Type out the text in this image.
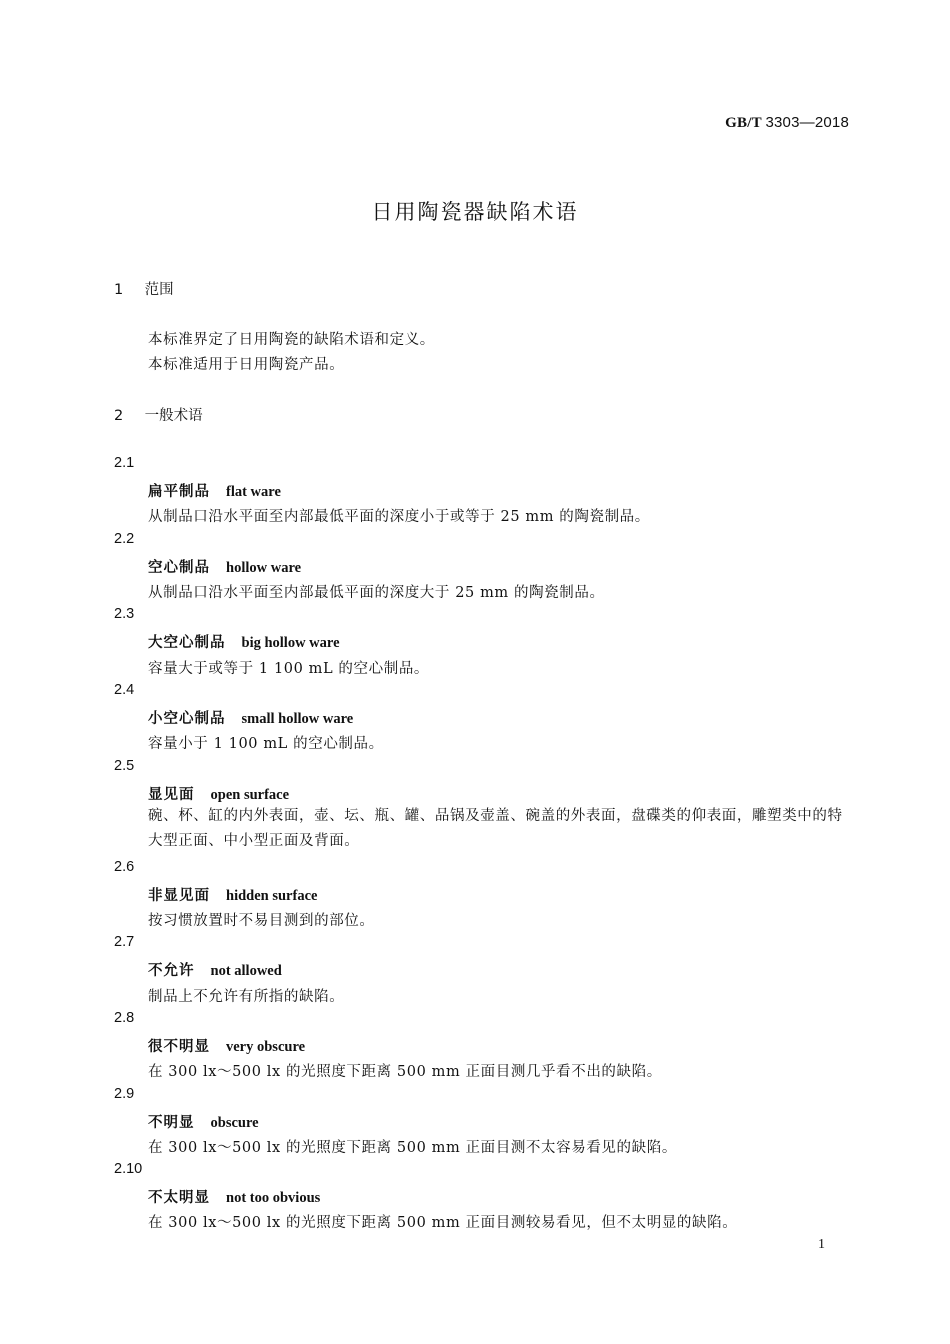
GB/T 3303—2018
日用陶瓷器缺陷术语
1 范围
本标准界定了日用陶瓷的缺陷术语和定义。
本标准适用于日用陶瓷产品。
2 一般术语
2.1
扁平制品 flat ware
从制品口沿水平面至内部最低平面的深度小于或等于 25 mm 的陶瓷制品。
2.2
空心制品 hollow ware
从制品口沿水平面至内部最低平面的深度大于 25 mm 的陶瓷制品。
2.3
大空心制品 big hollow ware
容量大于或等于 1 100 mL 的空心制品。
2.4
小空心制品 small hollow ware
容量小于 1 100 mL 的空心制品。
2.5
显见面 open surface
碗、杯、缸的内外表面，壶、坛、瓶、罐、品锅及壶盖、碗盖的外表面，盘碟类的仰表面，雕塑类中的特大型正面、中小型正面及背面。
2.6
非显见面 hidden surface
按习惯放置时不易目测到的部位。
2.7
不允许 not allowed
制品上不允许有所指的缺陷。
2.8
很不明显 very obscure
在 300 lx～500 lx 的光照度下距离 500 mm 正面目测几乎看不出的缺陷。
2.9
不明显 obscure
在 300 lx～500 lx 的光照度下距离 500 mm 正面目测不太容易看见的缺陷。
2.10
不太明显 not too obvious
在 300 lx～500 lx 的光照度下距离 500 mm 正面目测较易看见，但不太明显的缺陷。
1
